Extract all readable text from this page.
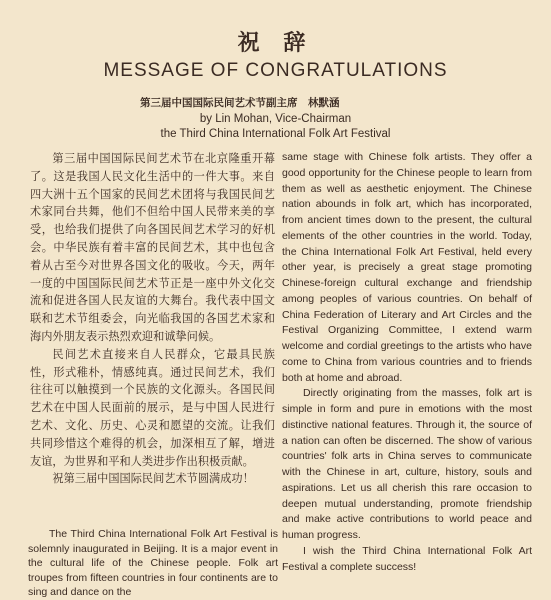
祝 辞
MESSAGE OF CONGRATULATIONS
第三届中国国际民间艺术节副主席　林默涵
by Lin Mohan, Vice-Chairman
the Third China International Folk Art Festival

第三届中国国际民间艺术节在北京隆重开幕了。这是我国人民文化生活中的一件大事。来自四大洲十五个国家的民间艺术团将与我国民间艺术家同台共舞，他们不但给中国人民带来美的享受，也给我们提供了向各国民间艺术学习的好机会。中华民族有着丰富的民间艺术，其中也包含着从古至今对世界各国文化的吸收。今天，两年一度的中国国际民间艺术节正是一座中外文化交流和促进各国人民友谊的大舞台。我代表中国文联和艺术节组委会，向光临我国的各国艺术家和海内外朋友表示热烈欢迎和诚挚问候。

民间艺术直接来自人民群众，它最具民族性，形式稚朴，情感纯真。通过民间艺术，我们往往可以触摸到一个民族的文化源头。各国民间艺术在中国人民面前的展示，是与中国人民进行艺术、文化、历史、心灵和愿望的交流。让我们共同珍惜这个难得的机会，加深相互了解，增进友谊，为世界和平和人类进步作出积极贡献。

祝第三届中国国际民间艺术节圆满成功！

The Third China International Folk Art Festival is solemnly inaugurated in Beijing. It is a major event in the cultural life of the Chinese people. Folk art troupes from fifteen countries in four continents are to sing and dance on the

same stage with Chinese folk artists. They offer a good opportunity for the Chinese people to learn from them as well as aesthetic enjoyment. The Chinese nation abounds in folk art, which has incorporated, from ancient times down to the present, the cultural elements of the other countries in the world. Today, the China International Folk Art Festival, held every other year, is precisely a great stage promoting Chinese-foreign cultural exchange and friendship among peoples of various countries. On behalf of China Federation of Literary and Art Circles and the Festival Organizing Committee, I extend warm welcome and cordial greetings to the artists who have come to China from various countries and to friends both at home and abroad.

Directly originating from the masses, folk art is simple in form and pure in emotions with the most distinctive national features. Through it, the source of a nation can often be discerned. The show of various countries' folk arts in China serves to communicate with the Chinese in art, culture, history, souls and aspirations. Let us all cherish this rare occasion to deepen mutual understanding, promote friendship and make active contributions to world peace and human progress.

I wish the Third China International Folk Art Festival a complete success!
